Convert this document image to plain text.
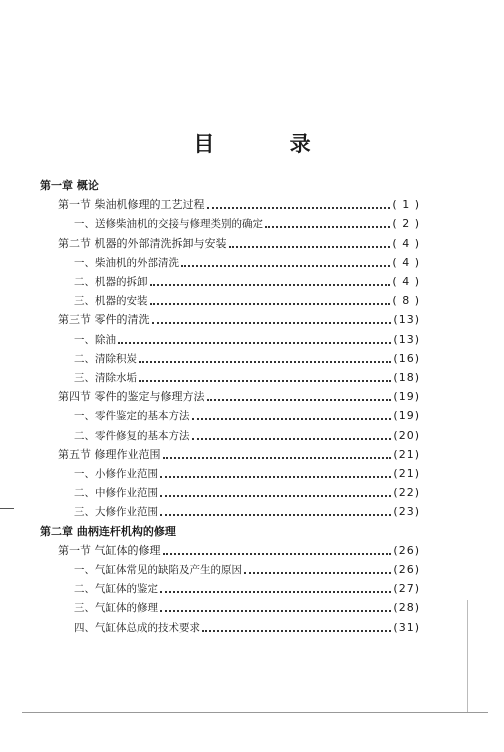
目 录
第一章 概论
第一节 柴油机修理的工艺过程	( 1 )
一、送修柴油机的交接与修理类别的确定	( 2 )
第二节 机器的外部清洗拆卸与安装	( 4 )
一、柴油机的外部清洗	( 4 )
二、机器的拆卸	( 4 )
三、机器的安装	( 8 )
第三节 零件的清洗	(13)
一、除油	(13)
二、清除积炭	(16)
三、清除水垢	(18)
第四节 零件的鉴定与修理方法	(19)
一、零件鉴定的基本方法	(19)
二、零件修复的基本方法	(20)
第五节 修理作业范围	(21)
一、小修作业范围	(21)
二、中修作业范围	(22)
三、大修作业范围	(23)
第二章 曲柄连杆机构的修理
第一节 气缸体的修理	(26)
一、气缸体常见的缺陷及产生的原因	(26)
二、气缸体的鉴定	(27)
三、气缸体的修理	(28)
四、气缸体总成的技术要求	(31)
